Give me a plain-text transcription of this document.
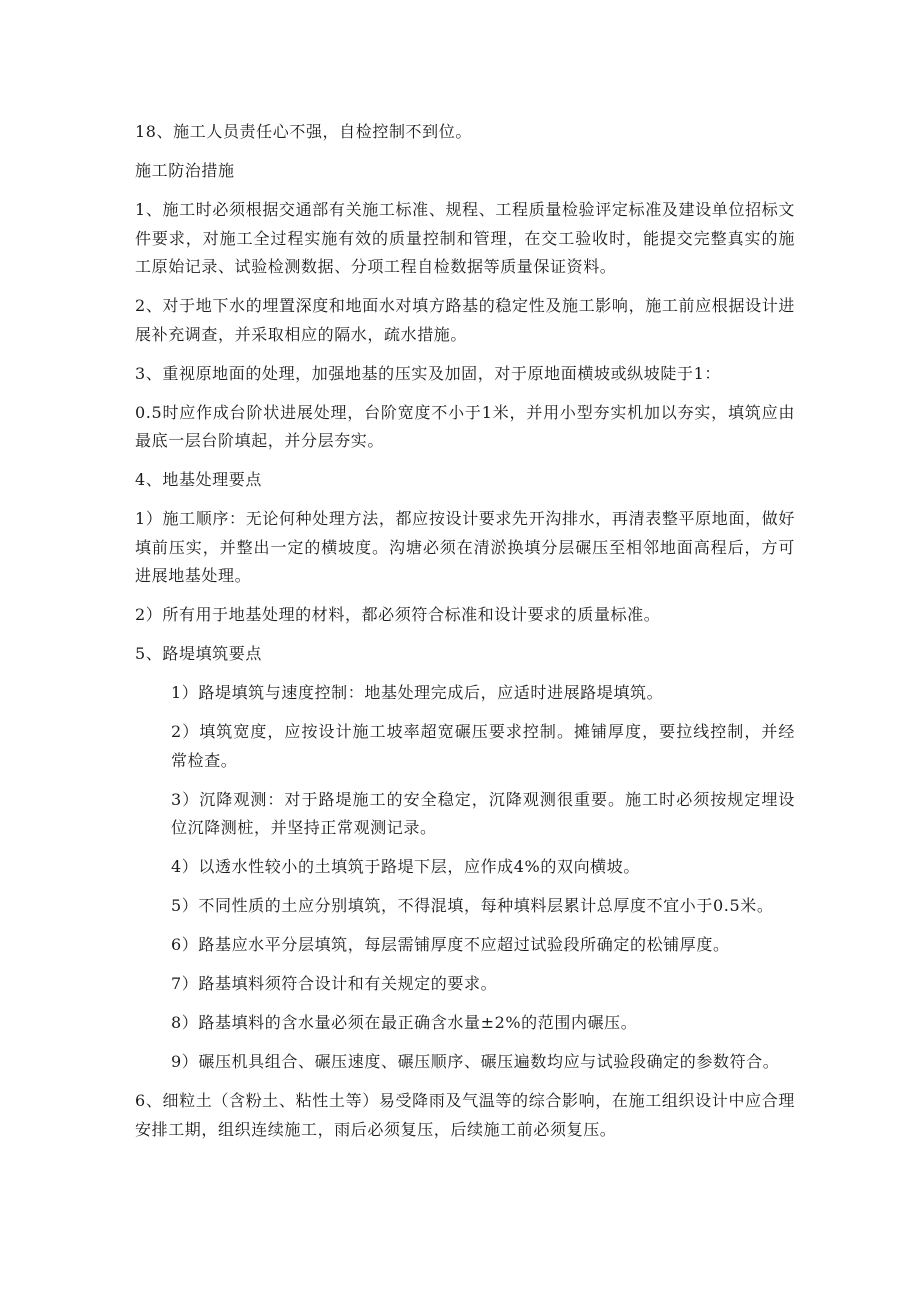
18、施工人员责任心不强，自检控制不到位。

施工防治措施

1、施工时必须根据交通部有关施工标准、规程、工程质量检验评定标准及建设单位招标文件要求，对施工全过程实施有效的质量控制和管理，在交工验收时，能提交完整真实的施工原始记录、试验检测数据、分项工程自检数据等质量保证资料。

2、对于地下水的埋置深度和地面水对填方路基的稳定性及施工影响，施工前应根据设计进展补充调查，并采取相应的隔水，疏水措施。

3、重视原地面的处理，加强地基的压实及加固，对于原地面横坡或纵坡陡于1：

0.5时应作成台阶状进展处理，台阶宽度不小于1米，并用小型夯实机加以夯实，填筑应由最底一层台阶填起，并分层夯实。

4、地基处理要点

1）施工顺序：无论何种处理方法，都应按设计要求先开沟排水，再清表整平原地面，做好填前压实，并整出一定的横坡度。沟塘必须在清淤换填分层碾压至相邻地面高程后，方可进展地基处理。

2）所有用于地基处理的材料，都必须符合标准和设计要求的质量标准。

5、路堤填筑要点

1）路堤填筑与速度控制：地基处理完成后，应适时进展路堤填筑。

2）填筑宽度，应按设计施工坡率超宽碾压要求控制。摊铺厚度，要拉线控制，并经常检查。

3）沉降观测：对于路堤施工的安全稳定，沉降观测很重要。施工时必须按规定埋设位沉降测桩，并坚持正常观测记录。

4）以透水性较小的土填筑于路堤下层，应作成4%的双向横坡。

5）不同性质的土应分别填筑，不得混填，每种填料层累计总厚度不宜小于0.5米。

6）路基应水平分层填筑，每层需铺厚度不应超过试验段所确定的松铺厚度。

7）路基填料须符合设计和有关规定的要求。

8）路基填料的含水量必须在最正确含水量±2%的范围内碾压。

9）碾压机具组合、碾压速度、碾压顺序、碾压遍数均应与试验段确定的参数符合。

6、细粒土（含粉土、粘性土等）易受降雨及气温等的综合影响，在施工组织设计中应合理安排工期，组织连续施工，雨后必须复压，后续施工前必须复压。
